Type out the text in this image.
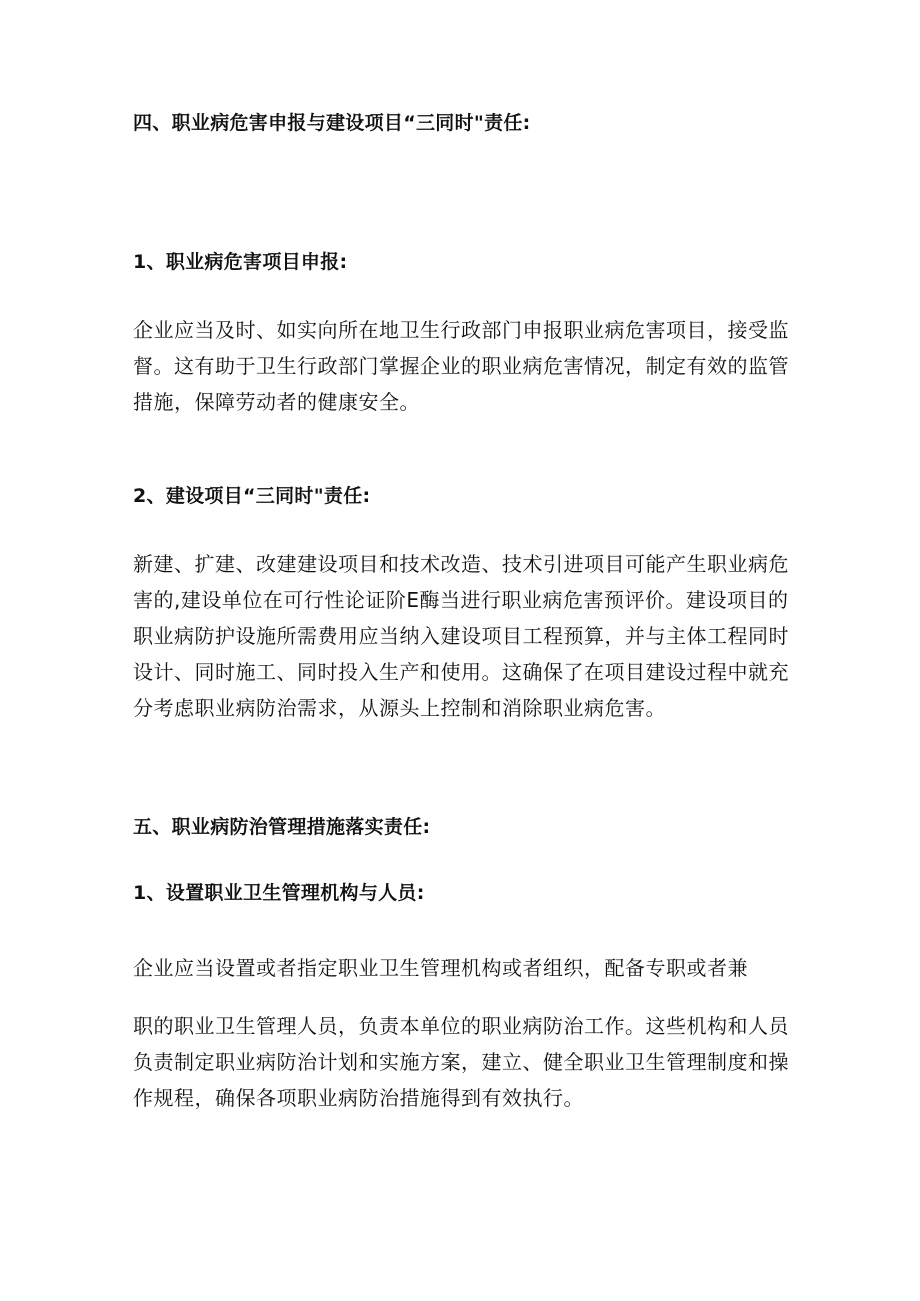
四、职业病危害申报与建设项目“三同时"责任:
1、职业病危害项目申报:

企业应当及时、如实向所在地卫生行政部门申报职业病危害项目，接受监
督。这有助于卫生行政部门掌握企业的职业病危害情况，制定有效的监管
措施，保障劳动者的健康安全。

2、建设项目“三同时"责任:

新建、扩建、改建建设项目和技术改造、技术引进项目可能产生职业病危
害的,建设单位在可行性论证阶E酶当进行职业病危害预评价。建设项目的
职业病防护设施所需费用应当纳入建设项目工程预算，并与主体工程同时
设计、同时施工、同时投入生产和使用。这确保了在项目建设过程中就充
分考虑职业病防治需求，从源头上控制和消除职业病危害。

五、职业病防治管理措施落实责任:
1、设置职业卫生管理机构与人员:

企业应当设置或者指定职业卫生管理机构或者组织，配备专职或者兼

职的职业卫生管理人员，负责本单位的职业病防治工作。这些机构和人员
负责制定职业病防治计划和实施方案，建立、健全职业卫生管理制度和操
作规程，确保各项职业病防治措施得到有效执行。
